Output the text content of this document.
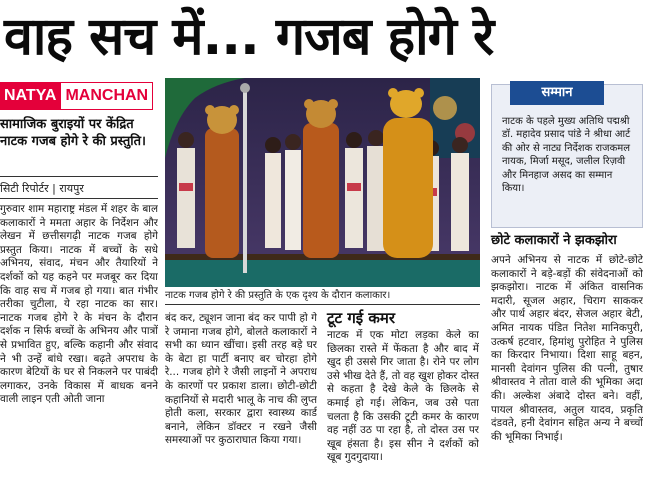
वाह सच में... गजब होगे रे
NATYA MANCHAN
सामाजिक बुराइयों पर केंद्रित नाटक गजब होगे रे की प्रस्तुति।
सिटी रिपोर्टर | रायपुर
गुरुवार शाम महाराष्ट्र मंडल में शहर के बाल कलाकारों ने ममता अहार के निर्देशन और लेखन में छत्तीसगढ़ी नाटक गजब होगे प्रस्तुत किया। नाटक में बच्चों के सधे अभिनय, संवाद, मंचन और तैयारियों ने दर्शकों को यह कहने पर मजबूर कर दिया कि वाह सच में गजब हो गया। बात गंभीर तरीका चुटीला, ये रहा नाटक का सार। नाटक गजब होगे रे के मंचन के दौरान दर्शक न सिर्फ बच्चों के अभिनय और पात्रों से प्रभावित हुए, बल्कि कहानी और संवाद ने भी उन्हें बांधे रखा। बढ़ते अपराध के कारण बेटियों के घर से निकलने पर पाबंदी लगाकर, उनके विकास में बाधक बनने वाली लाइन एती ओती जाना
नाटक गजब होगे रे की प्रस्तुति के एक दृश्य के दौरान कलाकार।
बंद कर, ट्यूशन जाना बंद कर पापी हो गे रे जमाना गजब होगे, बोलते कलाकारों ने सभी का ध्यान खींचा। इसी तरह बड़े घर के बेटा हा पार्टी बनाए बर चोरहा होगे रे... गजब होगे रे जैसी लाइनों ने अपराध के कारणों पर प्रकाश डाला। छोटी-छोटी कहानियों से मदारी भालू के नाच की लुप्त होती कला, सरकार द्वारा स्वास्थ्य कार्ड बनाने, लेकिन डॉक्टर न रखने जैसी समस्याओं पर कुठाराघात किया गया।
टूट गई कमर
नाटक में एक मोटा लड़का केले का छिलका रास्ते में फेंकता है और बाद में खुद ही उससे गिर जाता है। रोने पर लोग उसे भीख देते हैं, तो वह खुश होकर दोस्त से कहता है देखे केले के छिलके से कमाई हो गई। लेकिन, जब उसे पता चलता है कि उसकी टूटी कमर के कारण वह नहीं उठ पा रहा है, तो दोस्त उस पर खूब हंसता है। इस सीन ने दर्शकों को खूब गुदगुदाया।
सम्मान
नाटक के पहले मुख्य अतिथि पद्मश्री डॉ. महादेव प्रसाद पांडे ने श्रीधा आर्ट की ओर से नाट्य निर्देशक राजकमल नायक, मिर्जा मसूद, जलील रिज़वी और मिनहाज असद का सम्मान किया।
छोटे कलाकारों ने झकझोरा
अपने अभिनय से नाटक में छोटे-छोटे कलाकारों ने बड़े-बड़ों की संवेदनाओं को झकझोरा। नाटक में अंकित वासनिक मदारी, सूजल अहार, चिराग साककर और पार्थ अहार बंदर, सेजल अहार बेटी, अमित नायक पंडित नितेश मानिकपुरी, उत्कर्ष हटवार, हिमांशु पुरोहित ने पुलिस का किरदार निभाया। दिशा साहू बहन, मानसी देवांगन पुलिस की पत्नी, तुषार श्रीवास्तव ने तोता वाले की भूमिका अदा की। अल्केश अंबादे दोस्त बने। वहीं, पायल श्रीवास्तव, अतुल यादव, प्रकृति दंडवते, हनी देवांगन सहित अन्य ने बच्चों की भूमिका निभाई।
